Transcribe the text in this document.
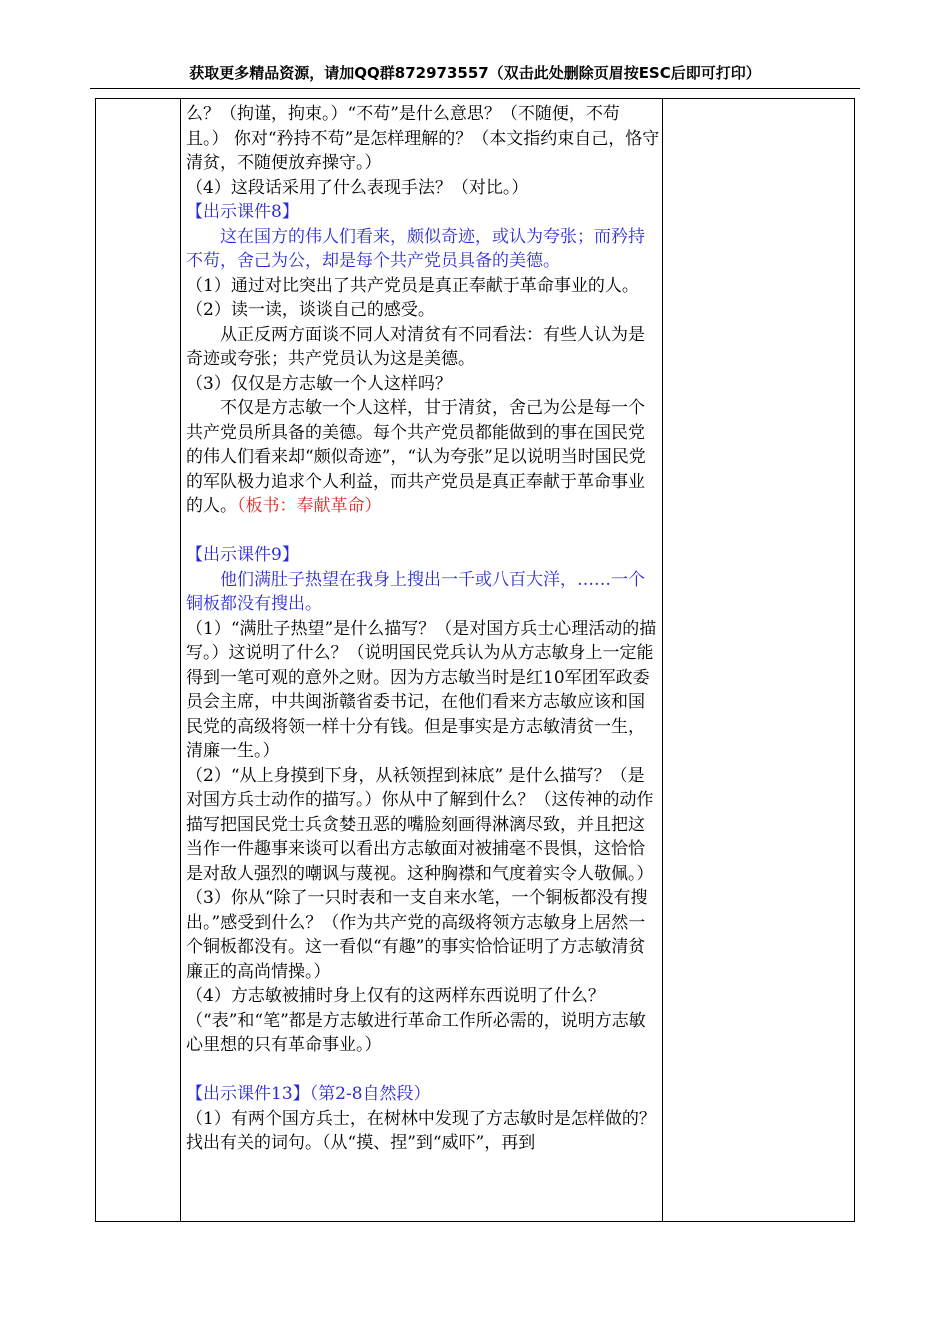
获取更多精品资源，请加QQ群872973557（双击此处删除页眉按ESC后即可打印）

么？（拘谨，拘束。）“不苟”是什么意思？（不随便，不苟且。） 你对“矜持不苟”是怎样理解的？（本文指约束自己，恪守清贫，不随便放弃操守。）

（4）这段话采用了什么表现手法？（对比。）

【出示课件8】

这在国方的伟人们看来，颇似奇迹，或认为夸张；而矜持不苟，舍己为公，却是每个共产党员具备的美德。

（1）通过对比突出了共产党员是真正奉献于革命事业的人。

（2）读一读，谈谈自己的感受。

从正反两方面谈不同人对清贫有不同看法：有些人认为是奇迹或夸张；共产党员认为这是美德。

（3）仅仅是方志敏一个人这样吗？

不仅是方志敏一个人这样，甘于清贫，舍己为公是每一个共产党员所具备的美德。每个共产党员都能做到的事在国民党的伟人们看来却“颇似奇迹”，“认为夸张”足以说明当时国民党的军队极力追求个人利益，而共产党员是真正奉献于革命事业的人。（板书：奉献革命）

【出示课件9】

他们满肚子热望在我身上搜出一千或八百大洋，……一个铜板都没有搜出。

（1）“满肚子热望”是什么描写？（是对国方兵士心理活动的描写。）这说明了什么？（说明国民党兵认为从方志敏身上一定能得到一笔可观的意外之财。因为方志敏当时是红10军团军政委员会主席，中共闽浙赣省委书记，在他们看来方志敏应该和国民党的高级将领一样十分有钱。但是事实是方志敏清贫一生，清廉一生。）

（2）“从上身摸到下身，从袄领捏到袜底” 是什么描写？（是对国方兵士动作的描写。）你从中了解到什么？（这传神的动作描写把国民党士兵贪婪丑恶的嘴脸刻画得淋漓尽致，并且把这当作一件趣事来谈可以看出方志敏面对被捕毫不畏惧，这恰恰是对敌人强烈的嘲讽与蔑视。这种胸襟和气度着实令人敬佩。）

（3）你从“除了一只时表和一支自来水笔，一个铜板都没有搜出。”感受到什么？（作为共产党的高级将领方志敏身上居然一个铜板都没有。这一看似“有趣”的事实恰恰证明了方志敏清贫廉正的高尚情操。）

（4）方志敏被捕时身上仅有的这两样东西说明了什么？（“表”和“笔”都是方志敏进行革命工作所必需的，说明方志敏心里想的只有革命事业。）

【出示课件13】（第2-8自然段）

（1）有两个国方兵士，在树林中发现了方志敏时是怎样做的？找出有关的词句。（从“摸、捏”到“威吓”，再到
